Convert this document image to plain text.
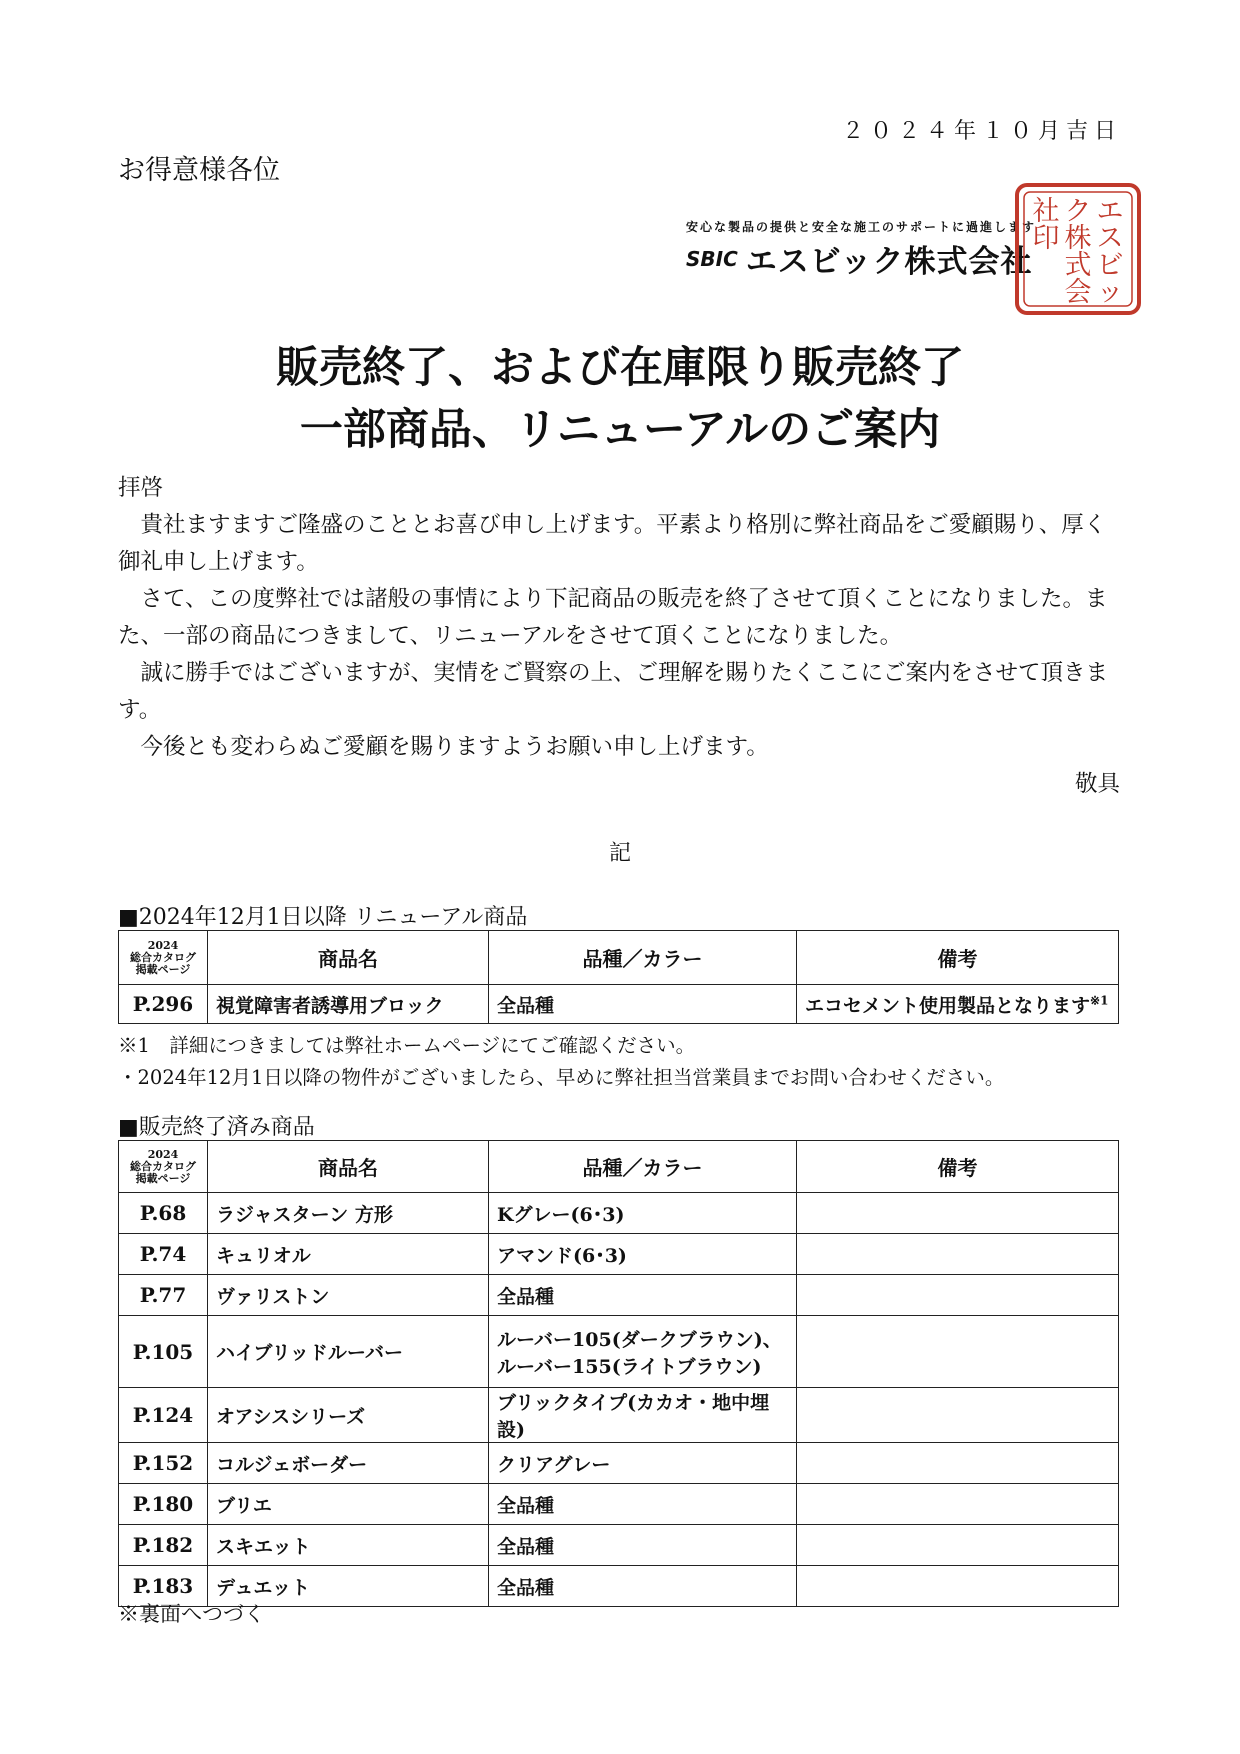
２０２４年１０月吉日
お得意様各位
安心な製品の提供と安全な施工のサポートに過進します
SBIC エスビック株式会社
エ
ス
ビ
ッ
ク
株
式
会
社
印
販売終了、および在庫限り販売終了
一部商品、リニューアルのご案内

拝啓

貴社ますますご隆盛のこととお喜び申し上げます。平素より格別に弊社商品をご愛顧賜り、厚く御礼申し上げます。

さて、この度弊社では諸般の事情により下記商品の販売を終了させて頂くことになりました。また、一部の商品につきまして、リニューアルをさせて頂くことになりました。

誠に勝手ではございますが、実情をご賢察の上、ご理解を賜りたくここにご案内をさせて頂きます。

今後とも変わらぬご愛顧を賜りますようお願い申し上げます。

敬具

記
■2024年12月1日以降 リニューアル商品
2024
総合カタログ
掲載ページ	商品名	品種／カラー	備考
P.296	視覚障害者誘導用ブロック	全品種	エコセメント使用製品となります$^{※1}$
※1　詳細につきましては弊社ホームページにてご確認ください。
・2024年12月1日以降の物件がございましたら、早めに弊社担当営業員までお問い合わせください。
■販売終了済み商品
2024
総合カタログ
掲載ページ	商品名	品種／カラー	備考
P.68	ラジャスターン 方形	Kグレー(6･3)	
P.74	キュリオル	アマンド(6･3)	
P.77	ヴァリストン	全品種	
P.105	ハイブリッドルーバー	ルーバー105(ダークブラウン)、
ルーバー155(ライトブラウン)	

P.124	オアシスシリーズ	ブリックタイプ(カカオ・地中埋設)	
P.152	コルジェボーダー	クリアグレー	
P.180	ブリエ	全品種	
P.182	スキエット	全品種	
P.183	デュエット	全品種	
※裏面へつづく
